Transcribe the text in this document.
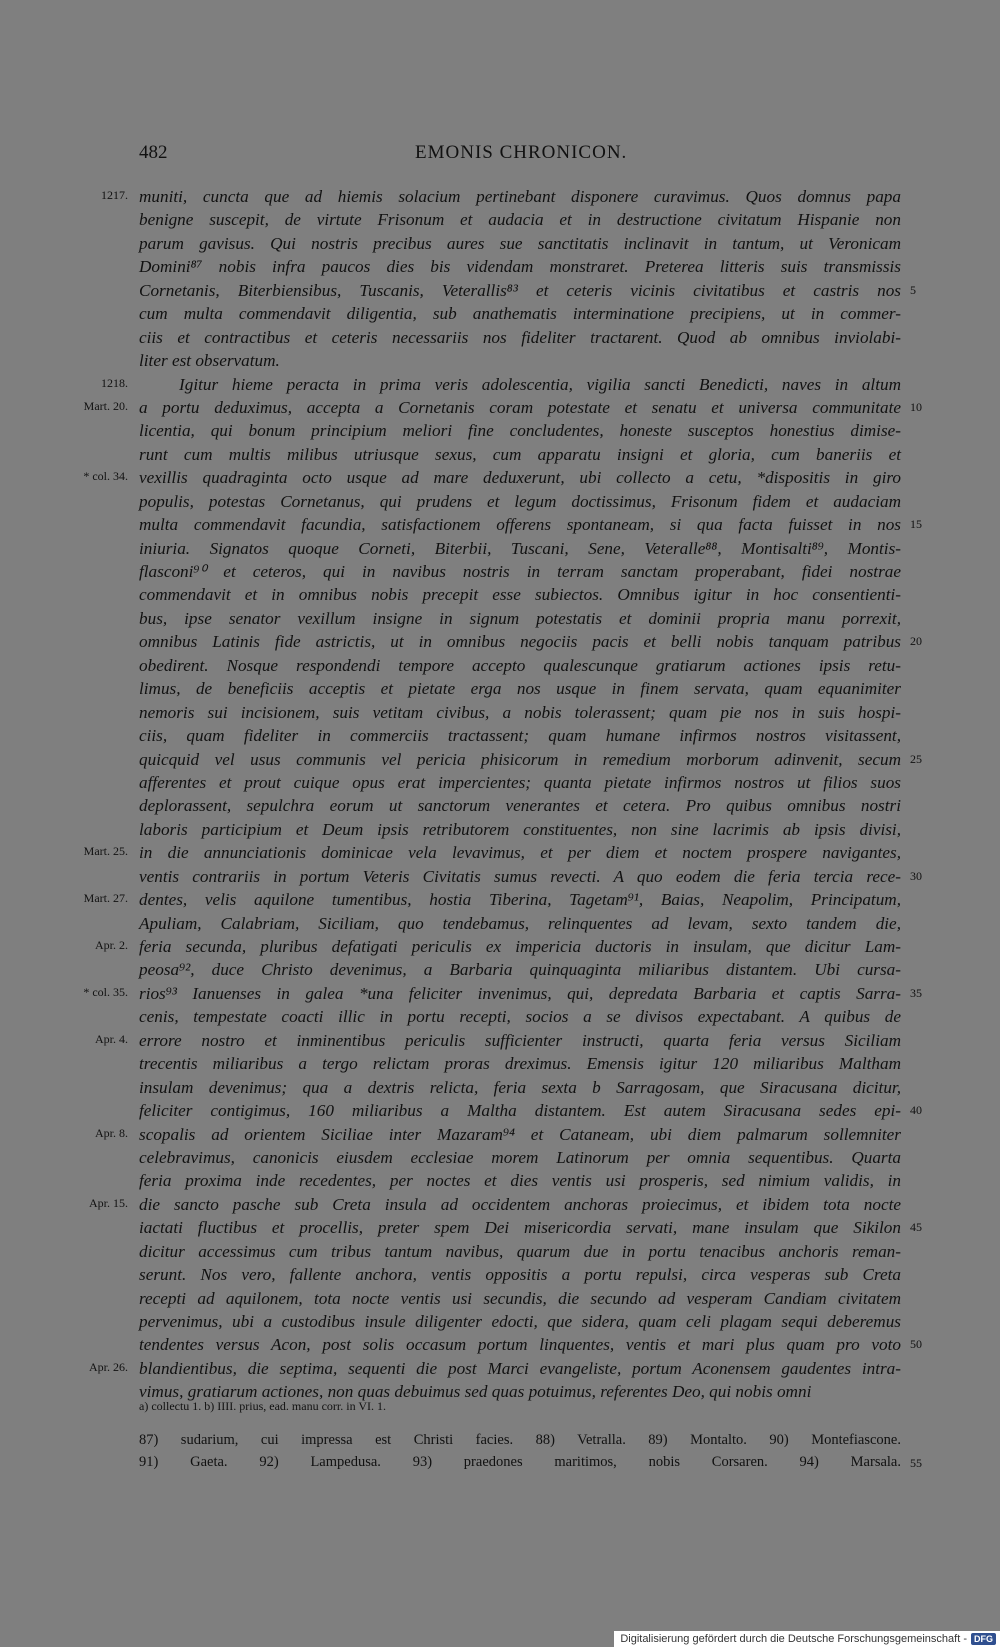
482	EMONIS CHRONICON.
1217. muniti, cuncta que ad hiemis solacium pertinebant disponere curavimus. Quos domnus papa
benigne suscepit, de virtute Frisonum et audacia et in destructione civitatum Hispanie non
parum gavisus. Qui nostris precibus aures sue sanctitatis inclinavit in tantum, ut Veronicam
Domini⁸⁷ nobis infra paucos dies bis videndam monstraret. Preterea litteris suis transmissis
Cornetanis, Biterbiensibus, Tuscanis, Veterallis⁸³ et ceteris vicinis civitatibus et castris nos 5
cum multa commendavit diligentia, sub anathematis interminatione precipiens, ut in commer-
ciis et contractibus et ceteris necessariis nos fideliter tractarent. Quod ab omnibus inviolabi-
liter est observatum.
1218.	Igitur hieme peracta in prima veris adolescentia, vigilia sancti Benedicti, naves in altum
Mart. 20. a portu deduximus, accepta a Cornetanis coram potestate et senatu et universa communitate 10
licentia, qui bonum principium meliori fine concludentes, honeste susceptos honestius dimise-
runt cum multis milibus utriusque sexus, cum apparatu insigni et gloria, cum baneriis et
* col. 34. vexillis quadraginta octo usque ad mare deduxerunt, ubi collecto a cetu, *dispositis in giro
populis, potestas Cornetanus, qui prudens et legum doctissimus, Frisonum fidem et audaciam
multa commendavit facundia, satisfactionem offerens spontaneam, si qua facta fuisset in nos 15
iniuria. Signatos quoque Corneti, Biterbii, Tuscani, Sene, Veteralle⁸⁸, Montisalti⁸⁹, Montis-
flasconi⁹⁰ et ceteros, qui in navibus nostris in terram sanctam properabant, fidei nostrae
commendavit et in omnibus nobis precepit esse subiectos. Omnibus igitur in hoc consentienti-
bus, ipse senator vexillum insigne in signum potestatis et dominii propria manu porrexit,
omnibus Latinis fide astrictis, ut in omnibus negociis pacis et belli nobis tanquam patribus 20
obedirent. Nosque respondendi tempore accepto qualescunque gratiarum actiones ipsis retu-
limus, de beneficiis acceptis et pietate erga nos usque in finem servata, quam equanimiter
nemoris sui incisionem, suis vetitam civibus, a nobis tolerassent; quam pie nos in suis hospi-
ciis, quam fideliter in commerciis tractassent; quam humane infirmos nostros visitassent,
quicquid vel usus communis vel pericia phisicorum in remedium morborum adinvenit, secum 25
afferentes et prout cuique opus erat impercientes; quanta pietate infirmos nostros ut filios suos
deplorassent, sepulchra eorum ut sanctorum venerantes et cetera. Pro quibus omnibus nostri
laboris participium et Deum ipsis retributorem constituentes, non sine lacrimis ab ipsis divisi,
Mart. 25. in die annunciationis dominicae vela levavimus, et per diem et noctem prospere navigantes,
ventis contrariis in portum Veteris Civitatis sumus revecti. A quo eodem die feria tercia rece- 30
Mart. 27. dentes, velis aquilone tumentibus, hostia Tiberina, Tagetam⁹¹, Baias, Neapolim, Principatum,
Apuliam, Calabriam, Siciliam, quo tendebamus, relinquentes ad levam, sexto tandem die,
Apr. 2. feria secunda, pluribus defatigati periculis ex impericia ductoris in insulam, que dicitur Lam-
peosa⁹², duce Christo devenimus, a Barbaria quinquaginta miliaribus distantem. Ubi cursa-
* col. 35. rios⁹³ Ianuenses in galea *una feliciter invenimus, qui, depredata Barbaria et captis Sarra- 35
cenis, tempestate coacti illic in portu recepti, socios a se divisos expectabant. A quibus de
Apr. 4. errore nostro et inminentibus periculis sufficienter instructi, quarta feria versus Siciliam
trecentis miliaribus a tergo relictam proras dreximus. Emensis igitur 120 miliaribus Maltham
insulam devenimus; qua a dextris relicta, feria sexta b Sarragosam, que Siracusana dicitur,
feliciter contigimus, 160 miliaribus a Maltha distantem. Est autem Siracusana sedes epi- 40
Apr. 8. scopalis ad orientem Siciliae inter Mazaram⁹⁴ et Cataneam, ubi diem palmarum sollemniter
celebravimus, canonicis eiusdem ecclesiae morem Latinorum per omnia sequentibus. Quarta
feria proxima inde recedentes, per noctes et dies ventis usi prosperis, sed nimium validis, in
Apr. 15. die sancto pasche sub Creta insula ad occidentem anchoras proiecimus, et ibidem tota nocte
iactati fluctibus et procellis, preter spem Dei misericordia servati, mane insulam que Sikilon 45
dicitur accessimus cum tribus tantum navibus, quarum due in portu tenacibus anchoris reman-
serunt. Nos vero, fallente anchora, ventis oppositis a portu repulsi, circa vesperas sub Creta
recepti ad aquilonem, tota nocte ventis usi secundis, die secundo ad vesperam Candiam civitatem
pervenimus, ubi a custodibus insule diligenter edocti, que sidera, quam celi plagam sequi deberemus
tendentes versus Acon, post solis occasum portum linquentes, ventis et mari plus quam pro voto 50
Apr. 26. blandientibus, die septima, sequenti die post Marci evangeliste, portum Aconensem gaudentes intra-
vimus, gratiarum actiones, non quas debuimus sed quas potuimus, referentes Deo, qui nobis omni
a) collectu 1. b) IIII. prius, ead. manu corr. in VI. 1.
87) sudarium, cui impressa est Christi facies. 88) Vetralla. 89) Montalto. 90) Montefiascone.
91) Gaeta. 92) Lampedusa. 93) praedones maritimos, nobis Corsaren. 94) Marsala. 55
Digitalisierung gefördert durch die Deutsche Forschungsgemeinschaft - DFG
